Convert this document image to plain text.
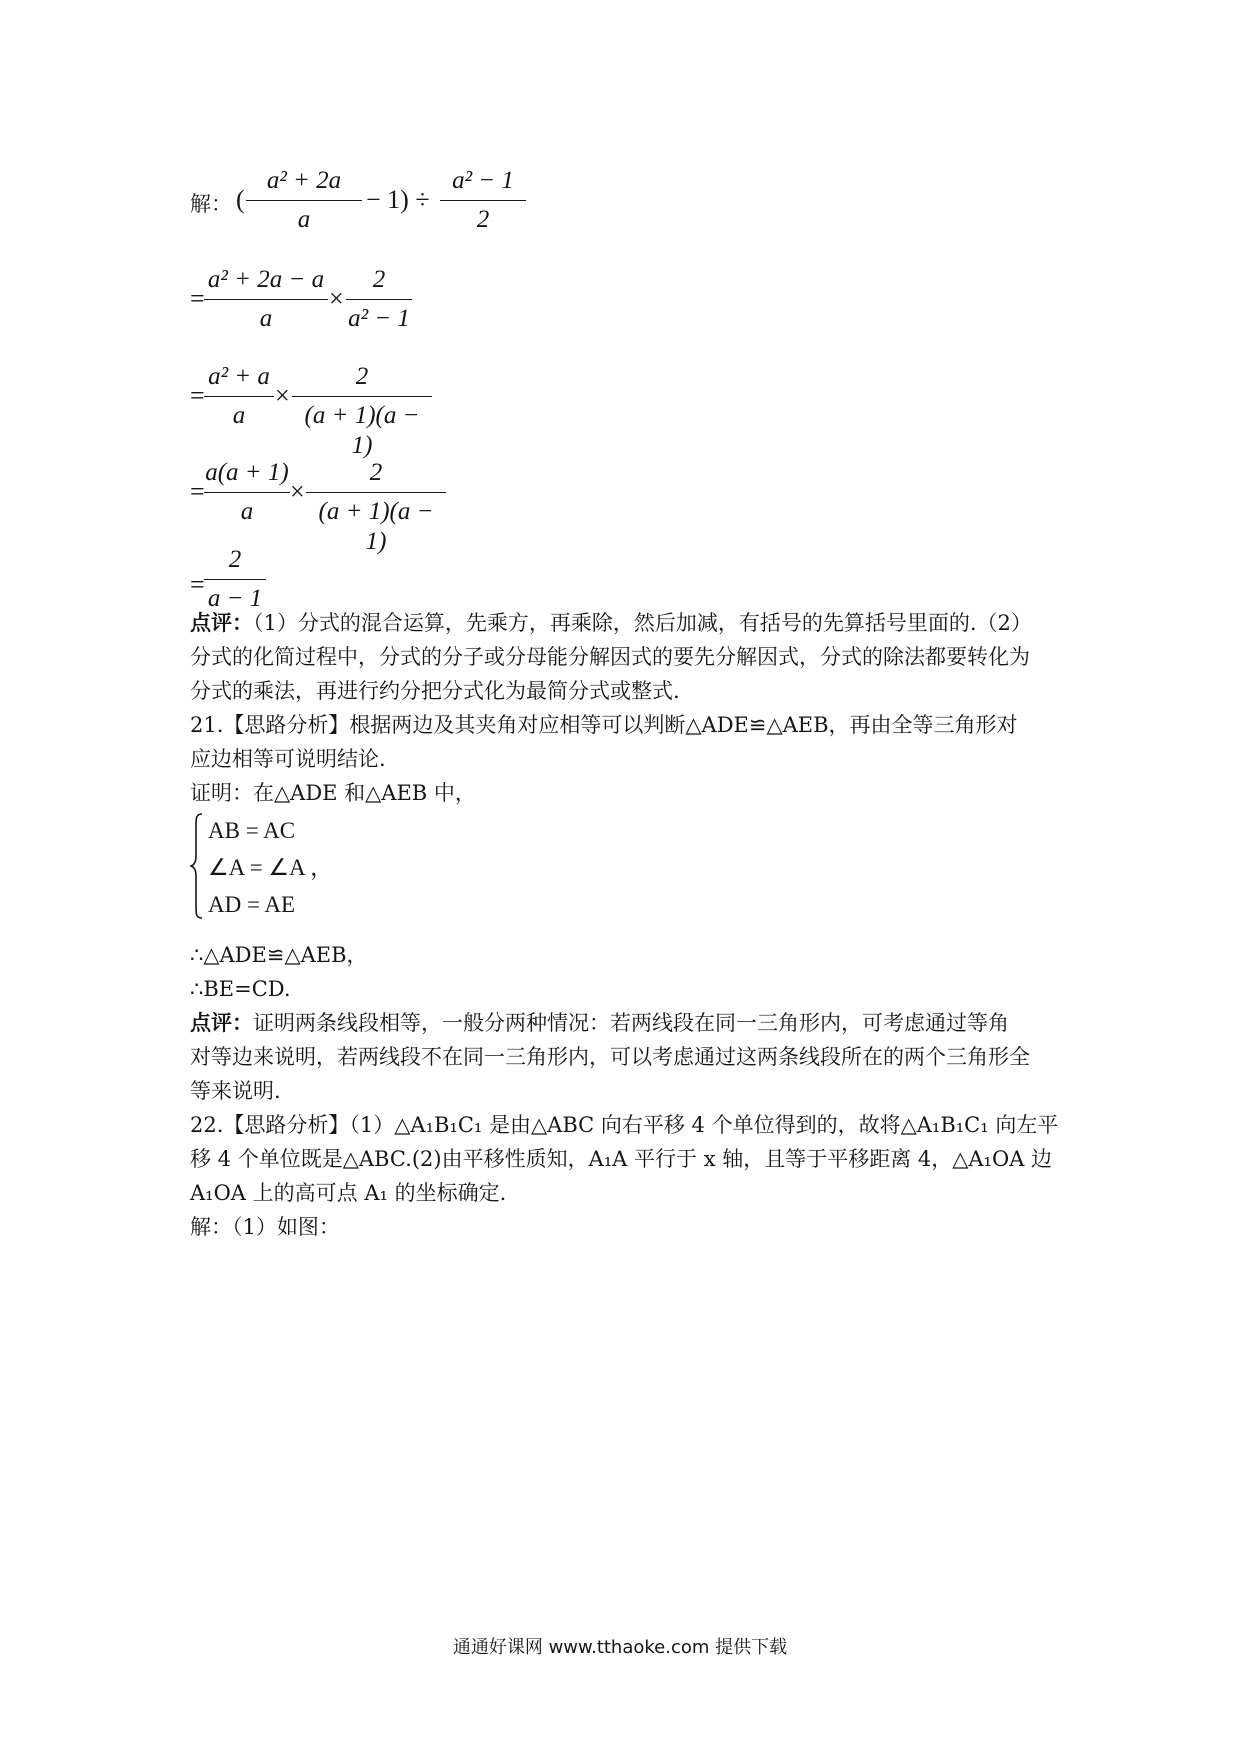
解： (
a² + 2a
a
− 1) ÷
a² − 1
2
=
a² + 2a − a
a
×
2
a² − 1
=
a² + a
a
×
2
(a + 1)(a − 1)
=
a(a + 1)
a
×
2
(a + 1)(a − 1)
=
2
a − 1
点评：（1）分式的混合运算，先乘方，再乘除，然后加减，有括号的先算括号里面的.（2）
分式的化简过程中，分式的分子或分母能分解因式的要先分解因式，分式的除法都要转化为
分式的乘法，再进行约分把分式化为最简分式或整式.
21.【思路分析】根据两边及其夹角对应相等可以判断△ADE≌△AEB，再由全等三角形对
应边相等可说明结论.
证明：在△ADE 和△AEB 中，
AB = AC
∠A = ∠A ，
AD = AE
∴△ADE≌△AEB，
∴BE=CD.
点评：证明两条线段相等，一般分两种情况：若两线段在同一三角形内，可考虑通过等角
对等边来说明，若两线段不在同一三角形内，可以考虑通过这两条线段所在的两个三角形全
等来说明.
22.【思路分析】（1）△A₁B₁C₁ 是由△ABC 向右平移 4 个单位得到的，故将△A₁B₁C₁ 向左平
移 4 个单位既是△ABC.(2)由平移性质知，A₁A 平行于 x 轴，且等于平移距离 4，△A₁OA 边
A₁OA 上的高可点 A₁ 的坐标确定.
解：（1）如图：
通通好课网 www.tthaoke.com 提供下载
